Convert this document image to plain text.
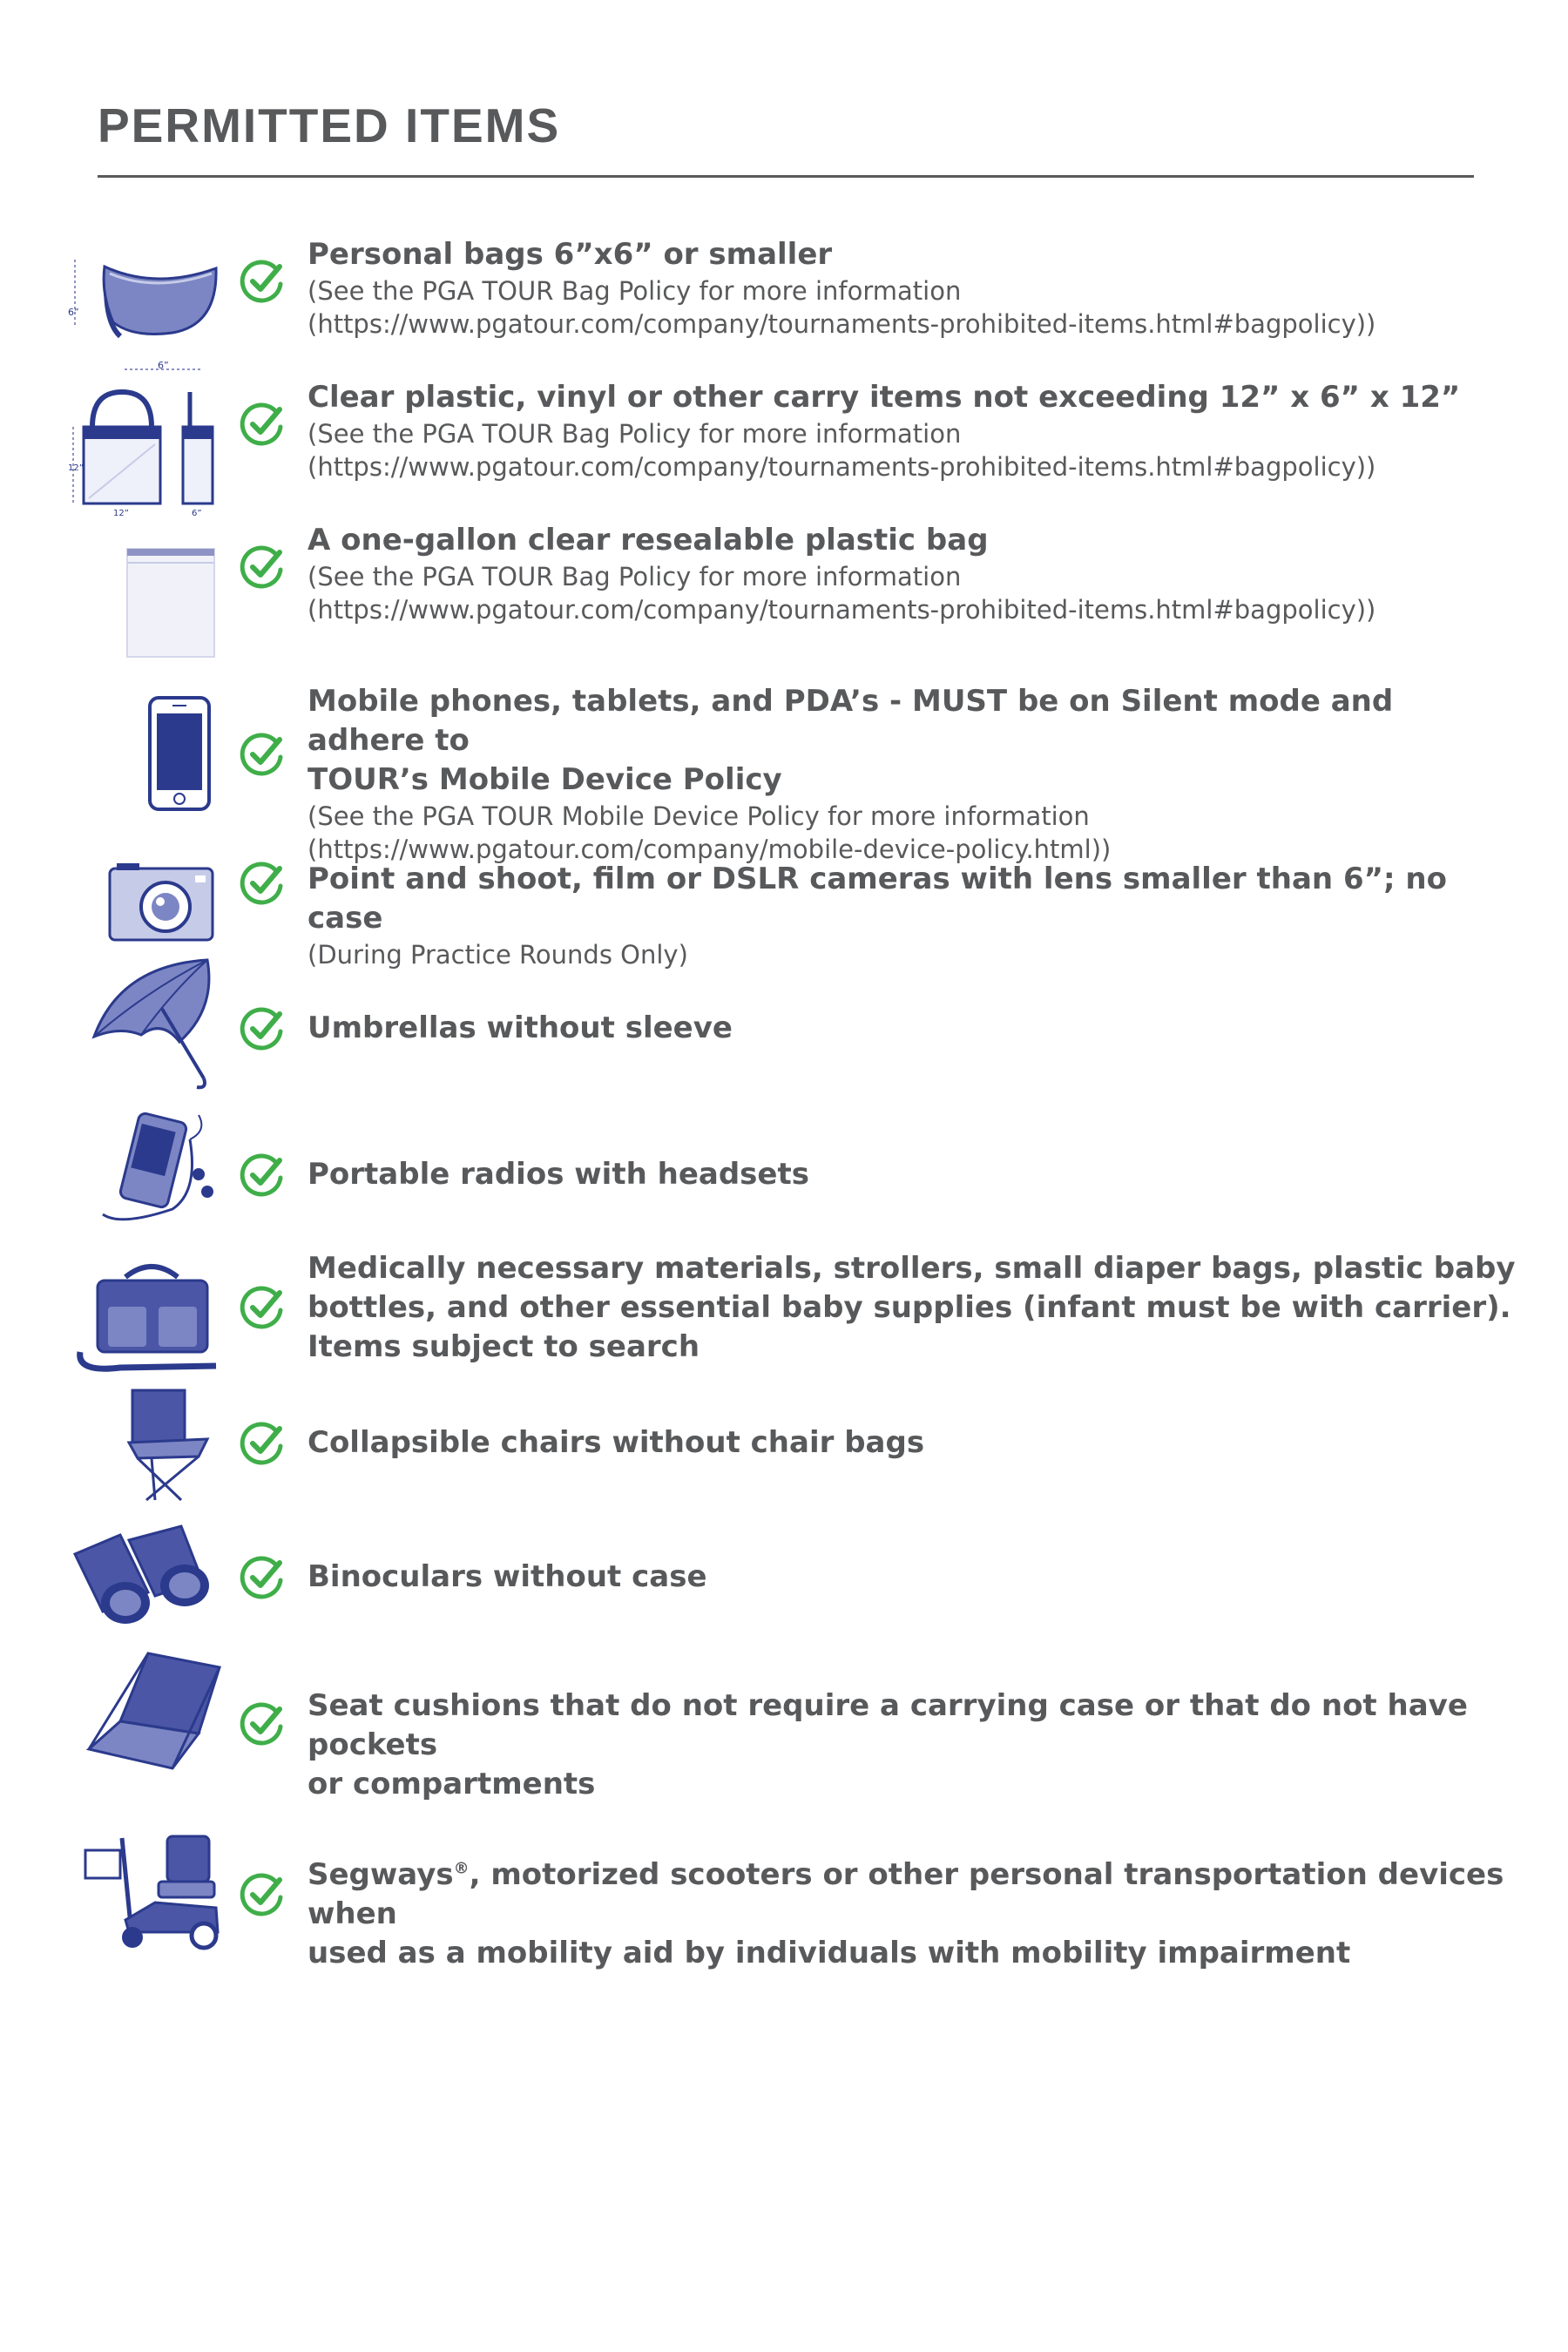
PERMITTED ITEMS
6”
6”
Personal bags 6”x6” or smaller
(See the PGA TOUR Bag Policy for more information
(https://www.pgatour.com/company/tournaments-prohibited-items.html#bagpolicy))
12”
12”	6”
Clear plastic, vinyl or other carry items not exceeding 12” x 6” x 12”
(See the PGA TOUR Bag Policy for more information
(https://www.pgatour.com/company/tournaments-prohibited-items.html#bagpolicy))
A one-gallon clear resealable plastic bag
(See the PGA TOUR Bag Policy for more information
(https://www.pgatour.com/company/tournaments-prohibited-items.html#bagpolicy))
Mobile phones, tablets, and PDA’s - MUST be on Silent mode and adhere to
TOUR’s Mobile Device Policy
(See the PGA TOUR Mobile Device Policy for more information
(https://www.pgatour.com/company/mobile-device-policy.html))
Point and shoot, film or DSLR cameras with lens smaller than 6”; no case
(During Practice Rounds Only)
Umbrellas without sleeve
Portable radios with headsets
Medically necessary materials, strollers, small diaper bags, plastic baby
bottles, and other essential baby supplies (infant must be with carrier).
Items subject to search
Collapsible chairs without chair bags
Binoculars without case
Seat cushions that do not require a carrying case or that do not have pockets
or compartments
Segways®, motorized scooters or other personal transportation devices when
used as a mobility aid by individuals with mobility impairment
